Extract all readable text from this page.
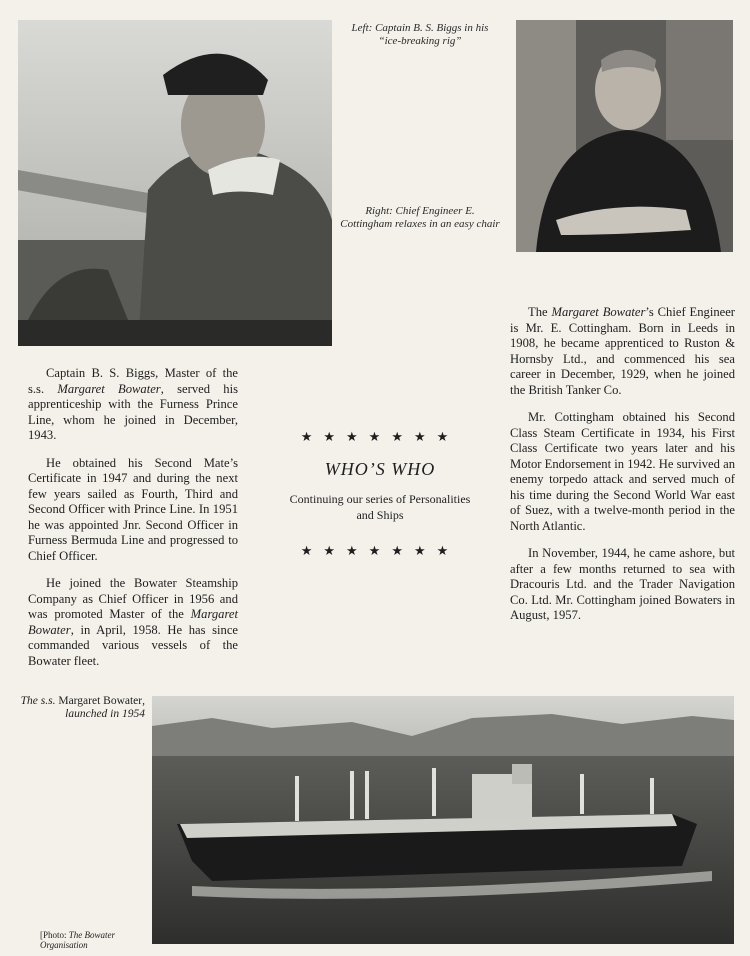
Left: Captain B. S. Biggs in his “ice-breaking rig”
Right: Chief Engineer E. Cottingham relaxes in an easy chair

Captain B. S. Biggs, Master of the s.s. Margaret Bowater, served his apprenticeship with the Furness Prince Line, whom he joined in December, 1943.

He obtained his Second Mate’s Certificate in 1947 and during the next few years sailed as Fourth, Third and Second Officer with Prince Line. In 1951 he was appointed Jnr. Second Officer in Furness Bermuda Line and progressed to Chief Officer.

He joined the Bowater Steamship Company as Chief Officer in 1956 and was promoted Master of the Margaret Bowater, in April, 1958. He has since commanded various vessels of the Bowater fleet.

★★★★★★★
WHO’S WHO
Continuing our series of Personalities and Ships
★★★★★★★

The Margaret Bowater’s Chief Engineer is Mr. E. Cottingham. Born in Leeds in 1908, he became apprenticed to Ruston & Hornsby Ltd., and commenced his sea career in December, 1929, when he joined the British Tanker Co.

Mr. Cottingham obtained his Second Class Steam Certificate in 1934, his First Class Certificate two years later and his Motor Endorsement in 1942. He survived an enemy torpedo attack and served much of his time during the Second World War east of Suez, with a twelve-month period in the North Atlantic.

In November, 1944, he came ashore, but after a few months returned to sea with Dracouris Ltd. and the Trader Navigation Co. Ltd. Mr. Cottingham joined Bowaters in August, 1957.

The s.s. Margaret Bowater, launched in 1954
[Photo: The Bowater Organisation
